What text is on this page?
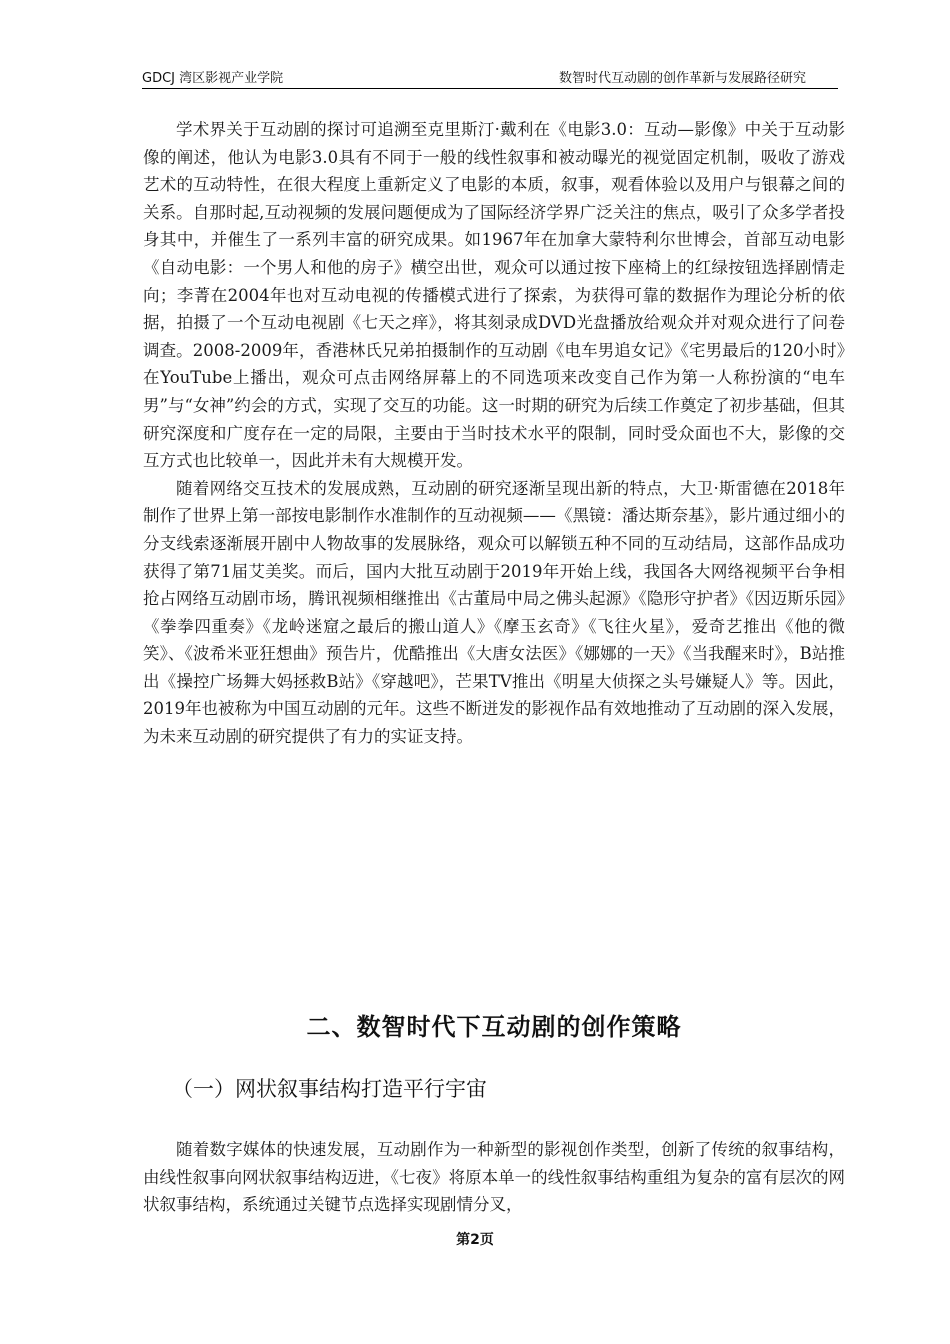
GDCJ 湾区影视产业学院	数智时代互动剧的创作革新与发展路径研究

学术界关于互动剧的探讨可追溯至克里斯汀·戴利在《电影3.0：互动—影像》中关于互动影像的阐述，他认为电影3.0具有不同于一般的线性叙事和被动曝光的视觉固定机制，吸收了游戏艺术的互动特性，在很大程度上重新定义了电影的本质，叙事，观看体验以及用户与银幕之间的关系。自那时起,互动视频的发展问题便成为了国际经济学界广泛关注的焦点，吸引了众多学者投身其中，并催生了一系列丰富的研究成果。如1967年在加拿大蒙特利尔世博会，首部互动电影《自动电影：一个男人和他的房子》横空出世，观众可以通过按下座椅上的红绿按钮选择剧情走向；李菁在2004年也对互动电视的传播模式进行了探索，为获得可靠的数据作为理论分析的依据，拍摄了一个互动电视剧《七天之痒》，将其刻录成DVD光盘播放给观众并对观众进行了问卷调查。2008-2009年，香港林氏兄弟拍摄制作的互动剧《电车男追女记》《宅男最后的120小时》在YouTube上播出，观众可点击网络屏幕上的不同选项来改变自己作为第一人称扮演的“电车男”与“女神”约会的方式，实现了交互的功能。这一时期的研究为后续工作奠定了初步基础，但其研究深度和广度存在一定的局限，主要由于当时技术水平的限制，同时受众面也不大，影像的交互方式也比较单一，因此并未有大规模开发。

随着网络交互技术的发展成熟，互动剧的研究逐渐呈现出新的特点，大卫·斯雷德在2018年制作了世界上第一部按电影制作水准制作的互动视频——《黑镜：潘达斯奈基》，影片通过细小的分支线索逐渐展开剧中人物故事的发展脉络，观众可以解锁五种不同的互动结局，这部作品成功获得了第71届艾美奖。而后，国内大批互动剧于2019年开始上线，我国各大网络视频平台争相抢占网络互动剧市场，腾讯视频相继推出《古董局中局之佛头起源》《隐形守护者》《因迈斯乐园》《拳拳四重奏》《龙岭迷窟之最后的搬山道人》《摩玉玄奇》《飞往火星》，爱奇艺推出《他的微笑》、《波希米亚狂想曲》预告片，优酷推出《大唐女法医》《娜娜的一天》《当我醒来时》，B站推出《操控广场舞大妈拯救B站》《穿越吧》，芒果TV推出《明星大侦探之头号嫌疑人》等。因此，2019年也被称为中国互动剧的元年。这些不断迸发的影视作品有效地推动了互动剧的深入发展，为未来互动剧的研究提供了有力的实证支持。

二、数智时代下互动剧的创作策略
（一）网状叙事结构打造平行宇宙

随着数字媒体的快速发展，互动剧作为一种新型的影视创作类型，创新了传统的叙事结构，由线性叙事向网状叙事结构迈进，《七夜》将原本单一的线性叙事结构重组为复杂的富有层次的网状叙事结构，系统通过关键节点选择实现剧情分叉，

第2页
